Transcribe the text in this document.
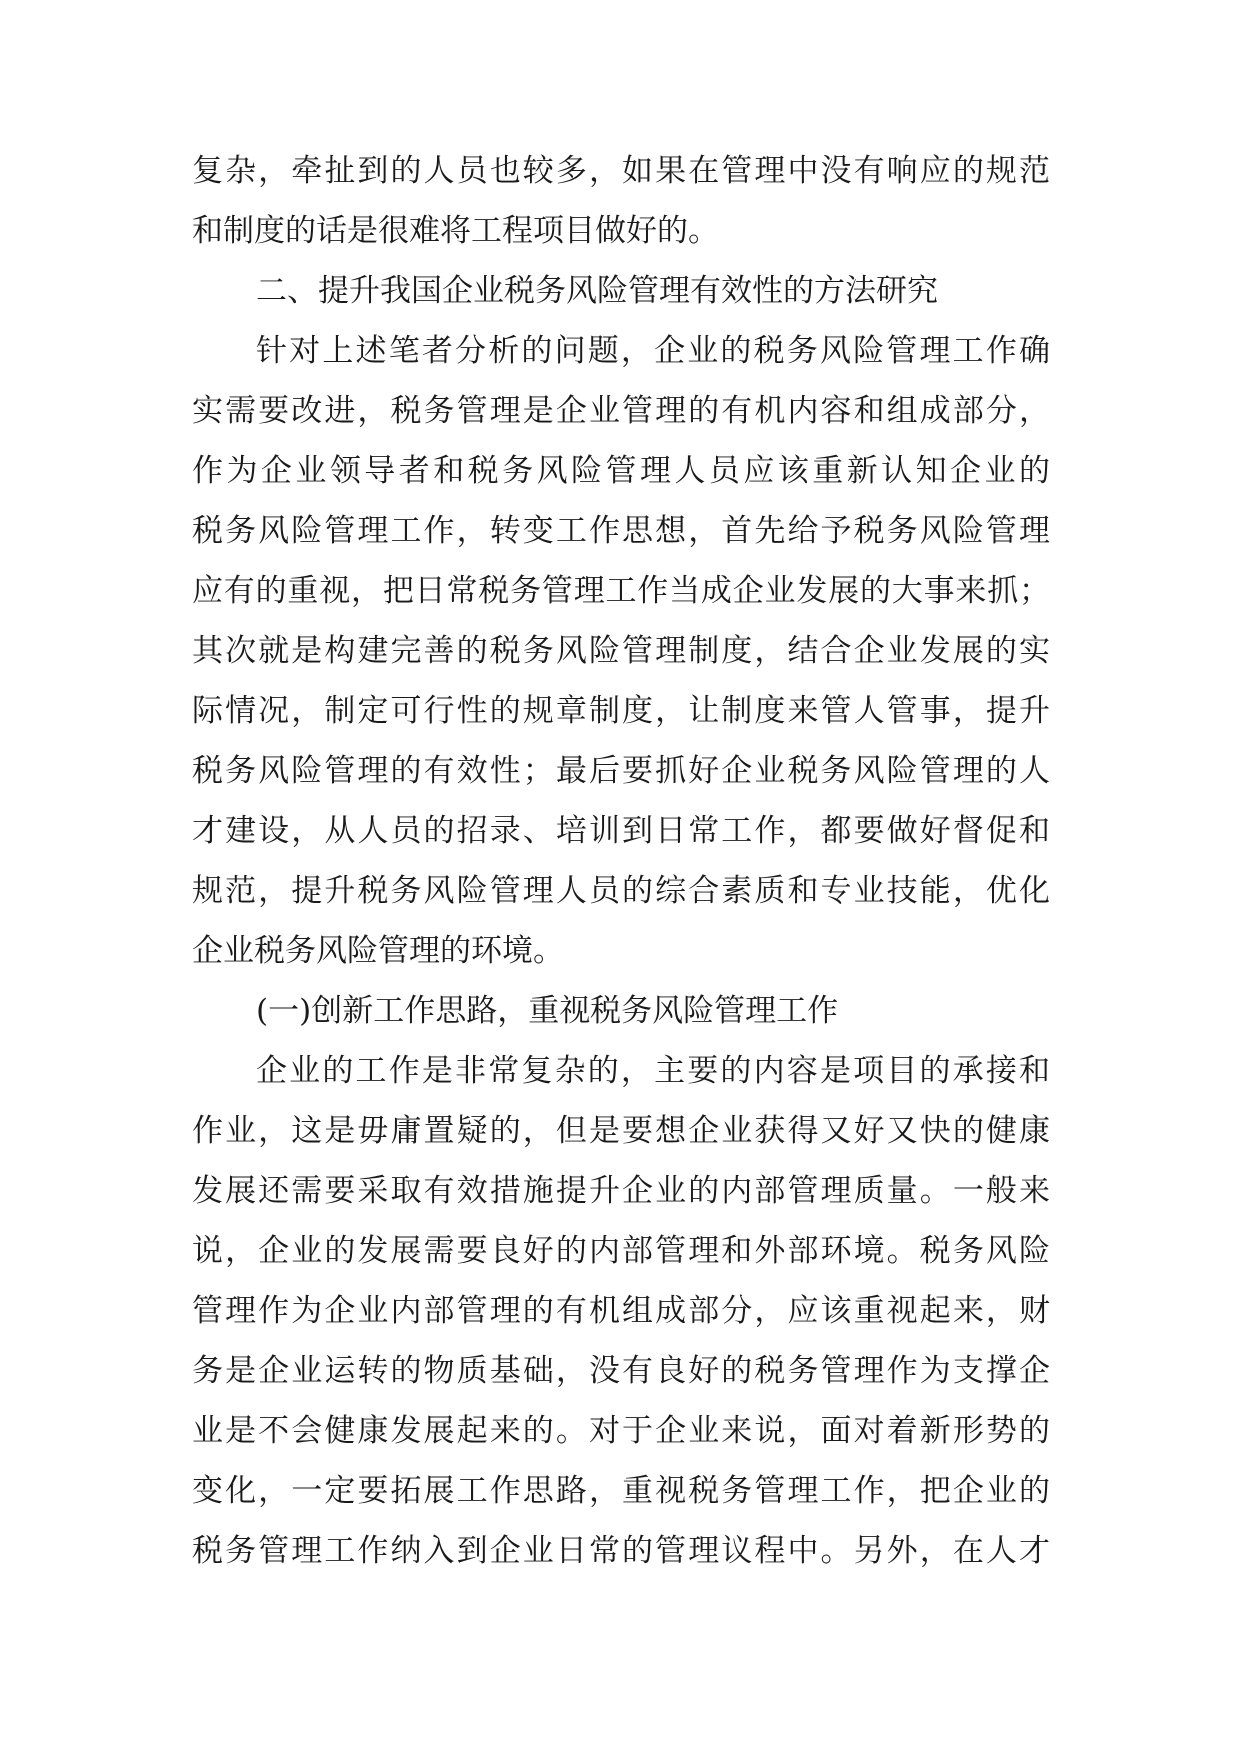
复杂，牵扯到的人员也较多，如果在管理中没有响应的规范
和制度的话是很难将工程项目做好的。
二、提升我国企业税务风险管理有效性的方法研究
针对上述笔者分析的问题，企业的税务风险管理工作确
实需要改进，税务管理是企业管理的有机内容和组成部分，
作为企业领导者和税务风险管理人员应该重新认知企业的
税务风险管理工作，转变工作思想，首先给予税务风险管理
应有的重视，把日常税务管理工作当成企业发展的大事来抓；
其次就是构建完善的税务风险管理制度，结合企业发展的实
际情况，制定可行性的规章制度，让制度来管人管事，提升
税务风险管理的有效性；最后要抓好企业税务风险管理的人
才建设，从人员的招录、培训到日常工作，都要做好督促和
规范，提升税务风险管理人员的综合素质和专业技能，优化
企业税务风险管理的环境。
(一)创新工作思路，重视税务风险管理工作
企业的工作是非常复杂的，主要的内容是项目的承接和
作业，这是毋庸置疑的，但是要想企业获得又好又快的健康
发展还需要采取有效措施提升企业的内部管理质量。一般来
说，企业的发展需要良好的内部管理和外部环境。税务风险
管理作为企业内部管理的有机组成部分，应该重视起来，财
务是企业运转的物质基础，没有良好的税务管理作为支撑企
业是不会健康发展起来的。对于企业来说，面对着新形势的
变化，一定要拓展工作思路，重视税务管理工作，把企业的
税务管理工作纳入到企业日常的管理议程中。另外，在人才
